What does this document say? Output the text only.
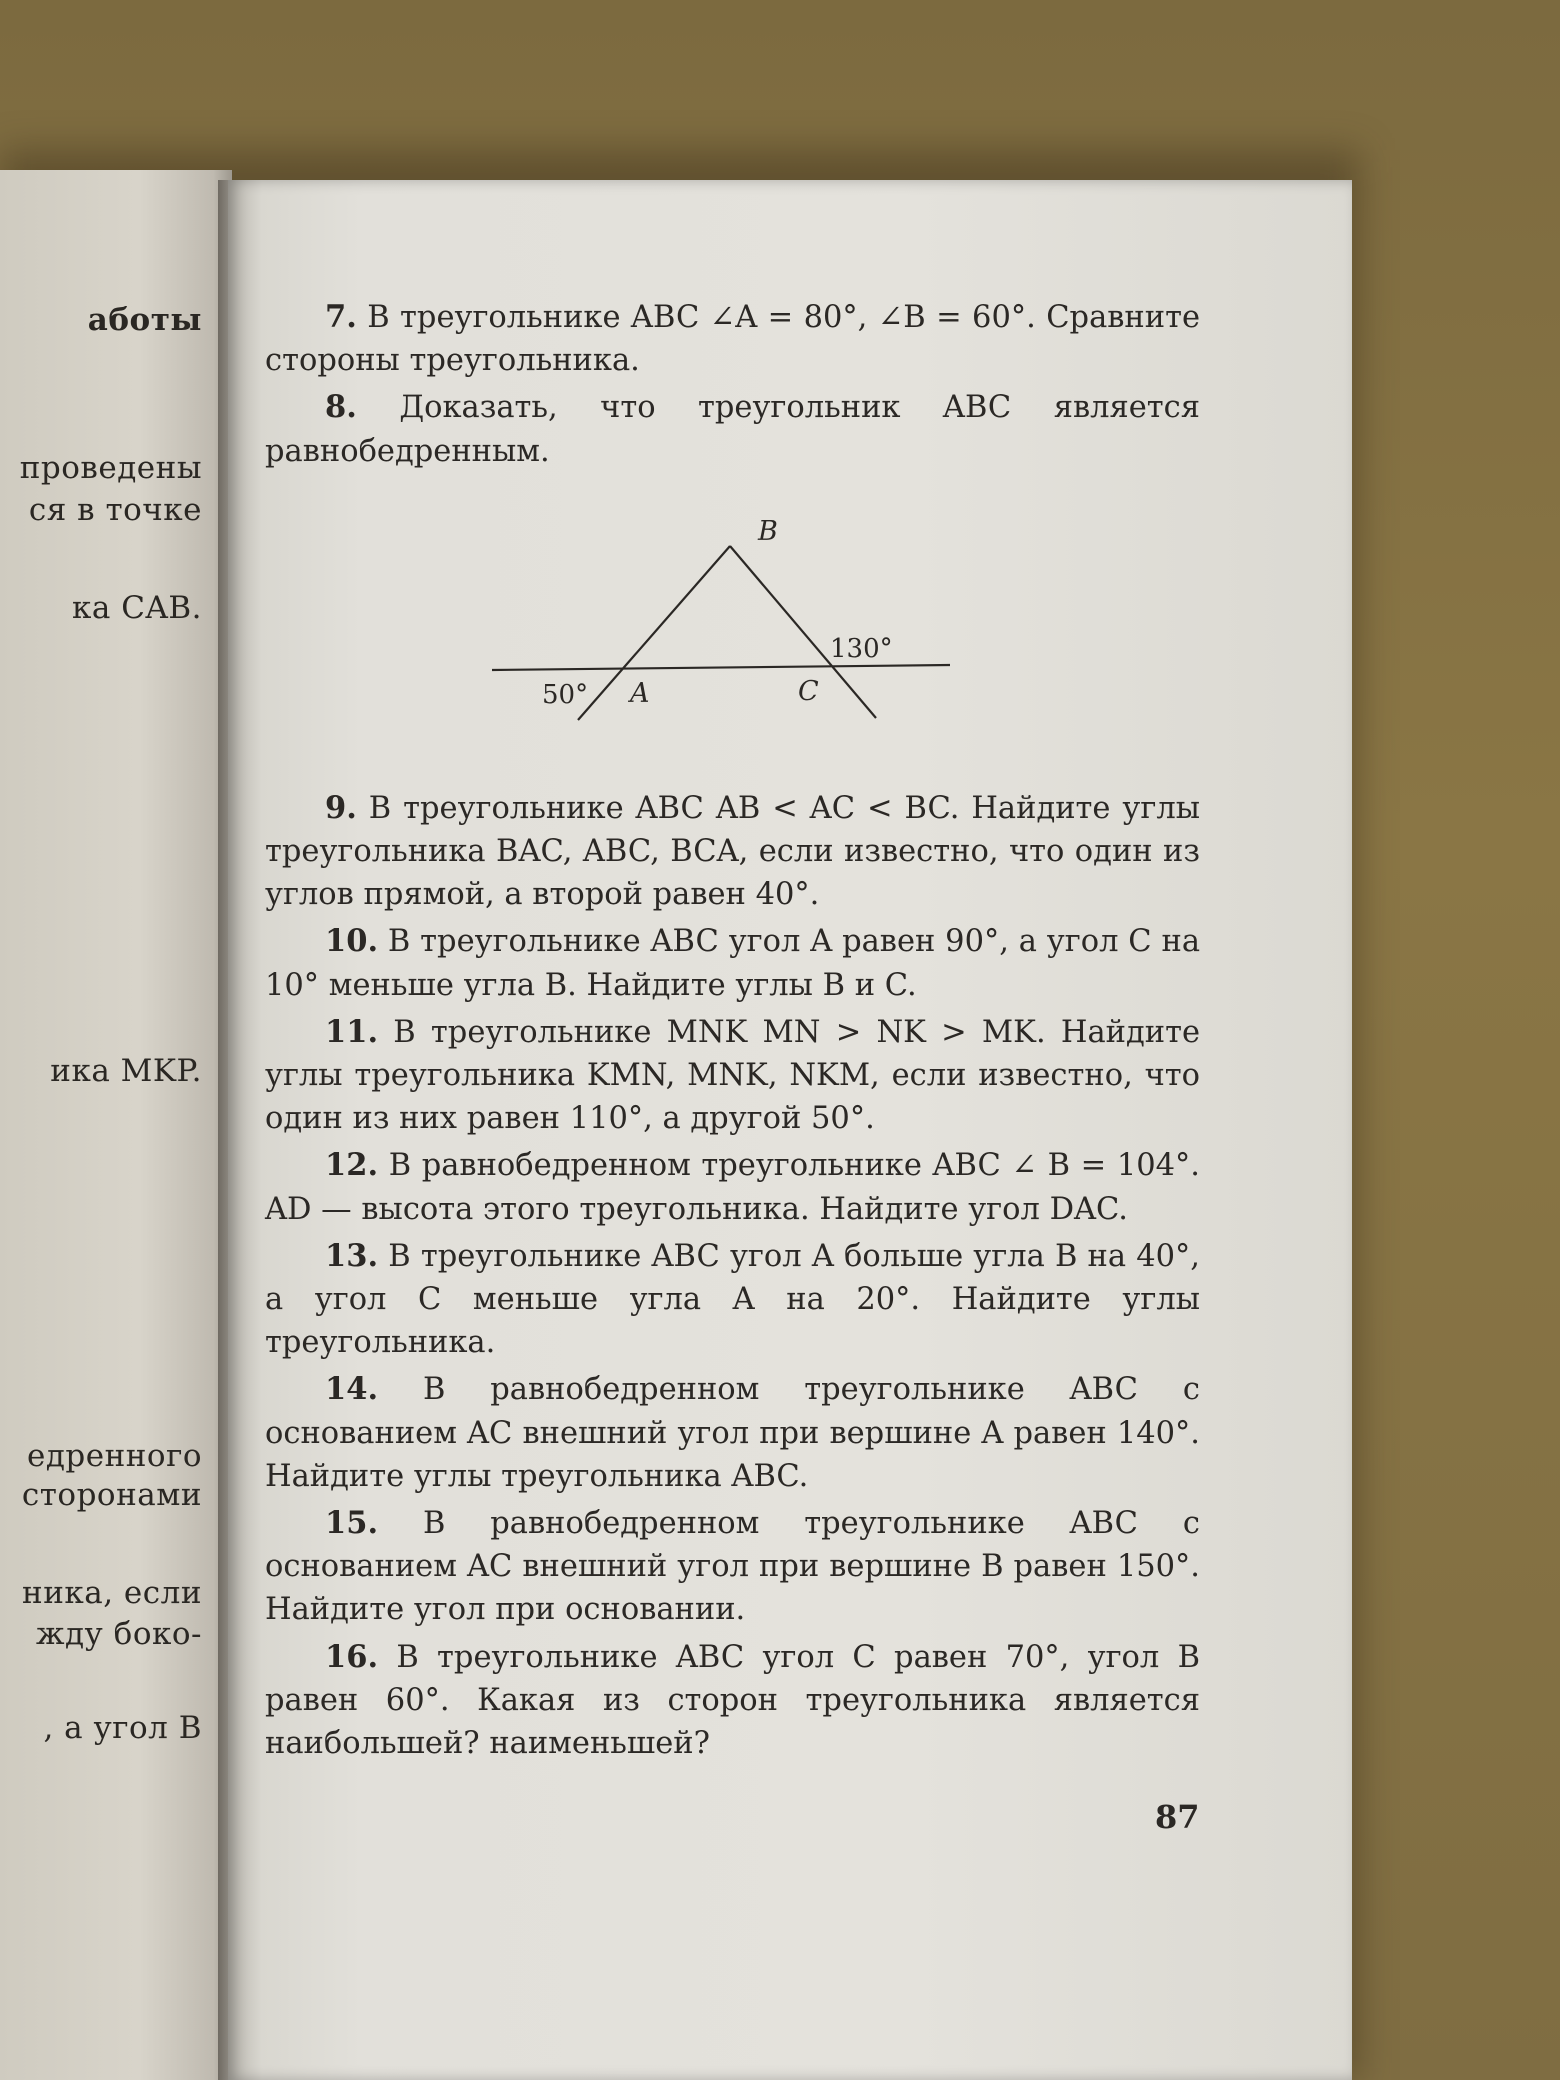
аботы
проведены
ся в точке
ка CAB.
ика MKP.
едренного
сторонами
ника, если
жду боко-
, а угол B

7. В треугольнике ABC ∠A = 80°, ∠B = 60°. Сравните стороны треугольника.

8. Доказать, что треугольник ABC является равнобедренным.

9. В треугольнике ABC AB < AC < BC. Найдите углы треугольника BAC, ABC, BCA, если известно, что один из углов прямой, а второй равен 40°.

10. В треугольнике ABC угол A равен 90°, а угол C на 10° меньше угла B. Найдите углы B и C.

11. В треугольнике MNK MN > NK > MK. Найдите углы треугольника KMN, MNK, NKM, если известно, что один из них равен 110°, а другой 50°.

12. В равнобедренном треугольнике ABC ∠ B = 104°. AD — высота этого треугольника. Найдите угол DAC.

13. В треугольнике ABC угол A больше угла B на 40°, а угол C меньше угла A на 20°. Найдите углы треугольника.

14. В равнобедренном треугольнике ABC с основанием AC внешний угол при вершине A равен 140°. Найдите углы треугольника ABC.

15. В равнобедренном треугольнике ABC с основанием AC внешний угол при вершине B равен 150°. Найдите угол при основании.

16. В треугольнике ABC угол C равен 70°, угол B равен 60°. Какая из сторон треугольника является наибольшей? наименьшей?

B
A	C
50°
130°
87
